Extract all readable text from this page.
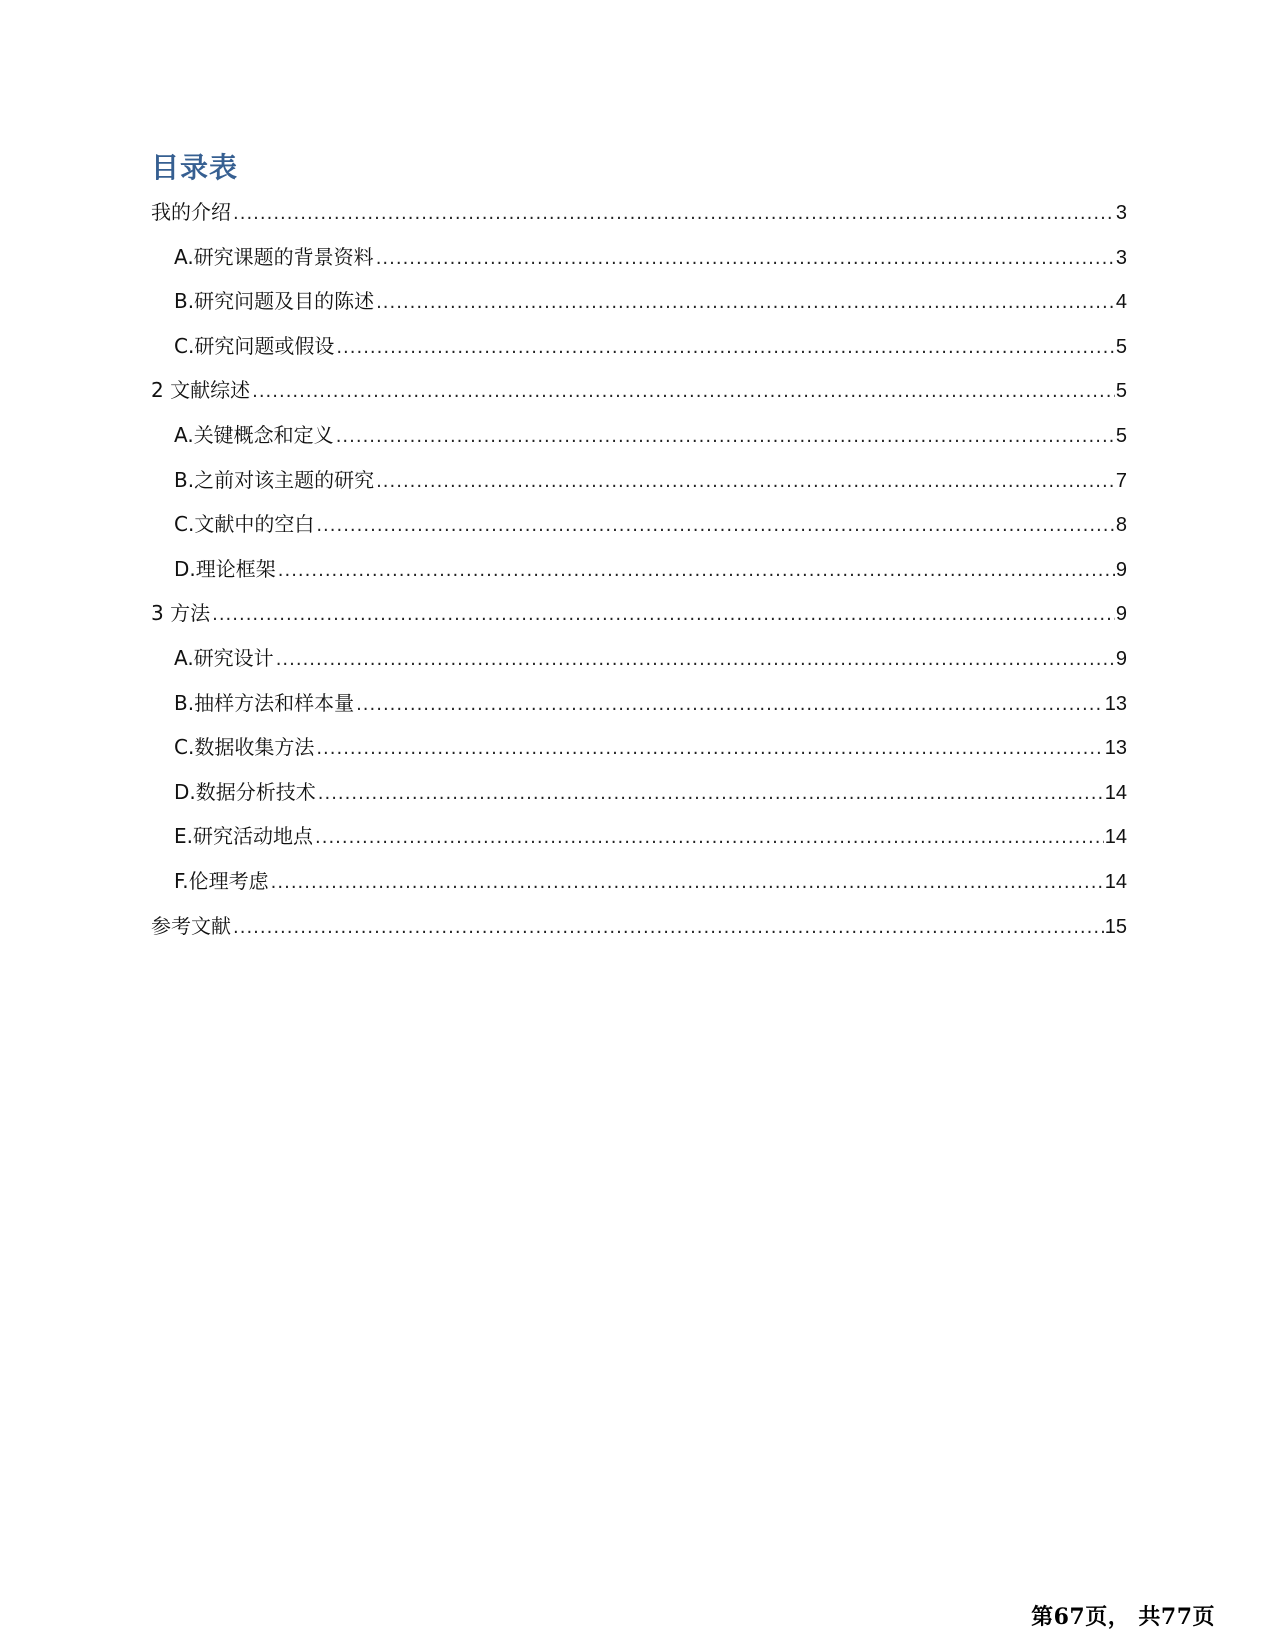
目录表
我的介绍 .....	3
A.研究课题的背景资料 .....	3
B.研究问题及目的陈述 .....	4
C.研究问题或假设 .....	5
2 文献综述 .....	5
A.关键概念和定义 .....	5
B.之前对该主题的研究 .....	7
C.文献中的空白 .....	8
D.理论框架 .....	9
3 方法 .....	9
A.研究设计 .....	9
B.抽样方法和样本量 .....	13
C.数据收集方法 .....	13
D.数据分析技术 .....	14
E.研究活动地点 .....	14
F.伦理考虑 .....	14
参考文献 .....	15
第67页， 共77页
